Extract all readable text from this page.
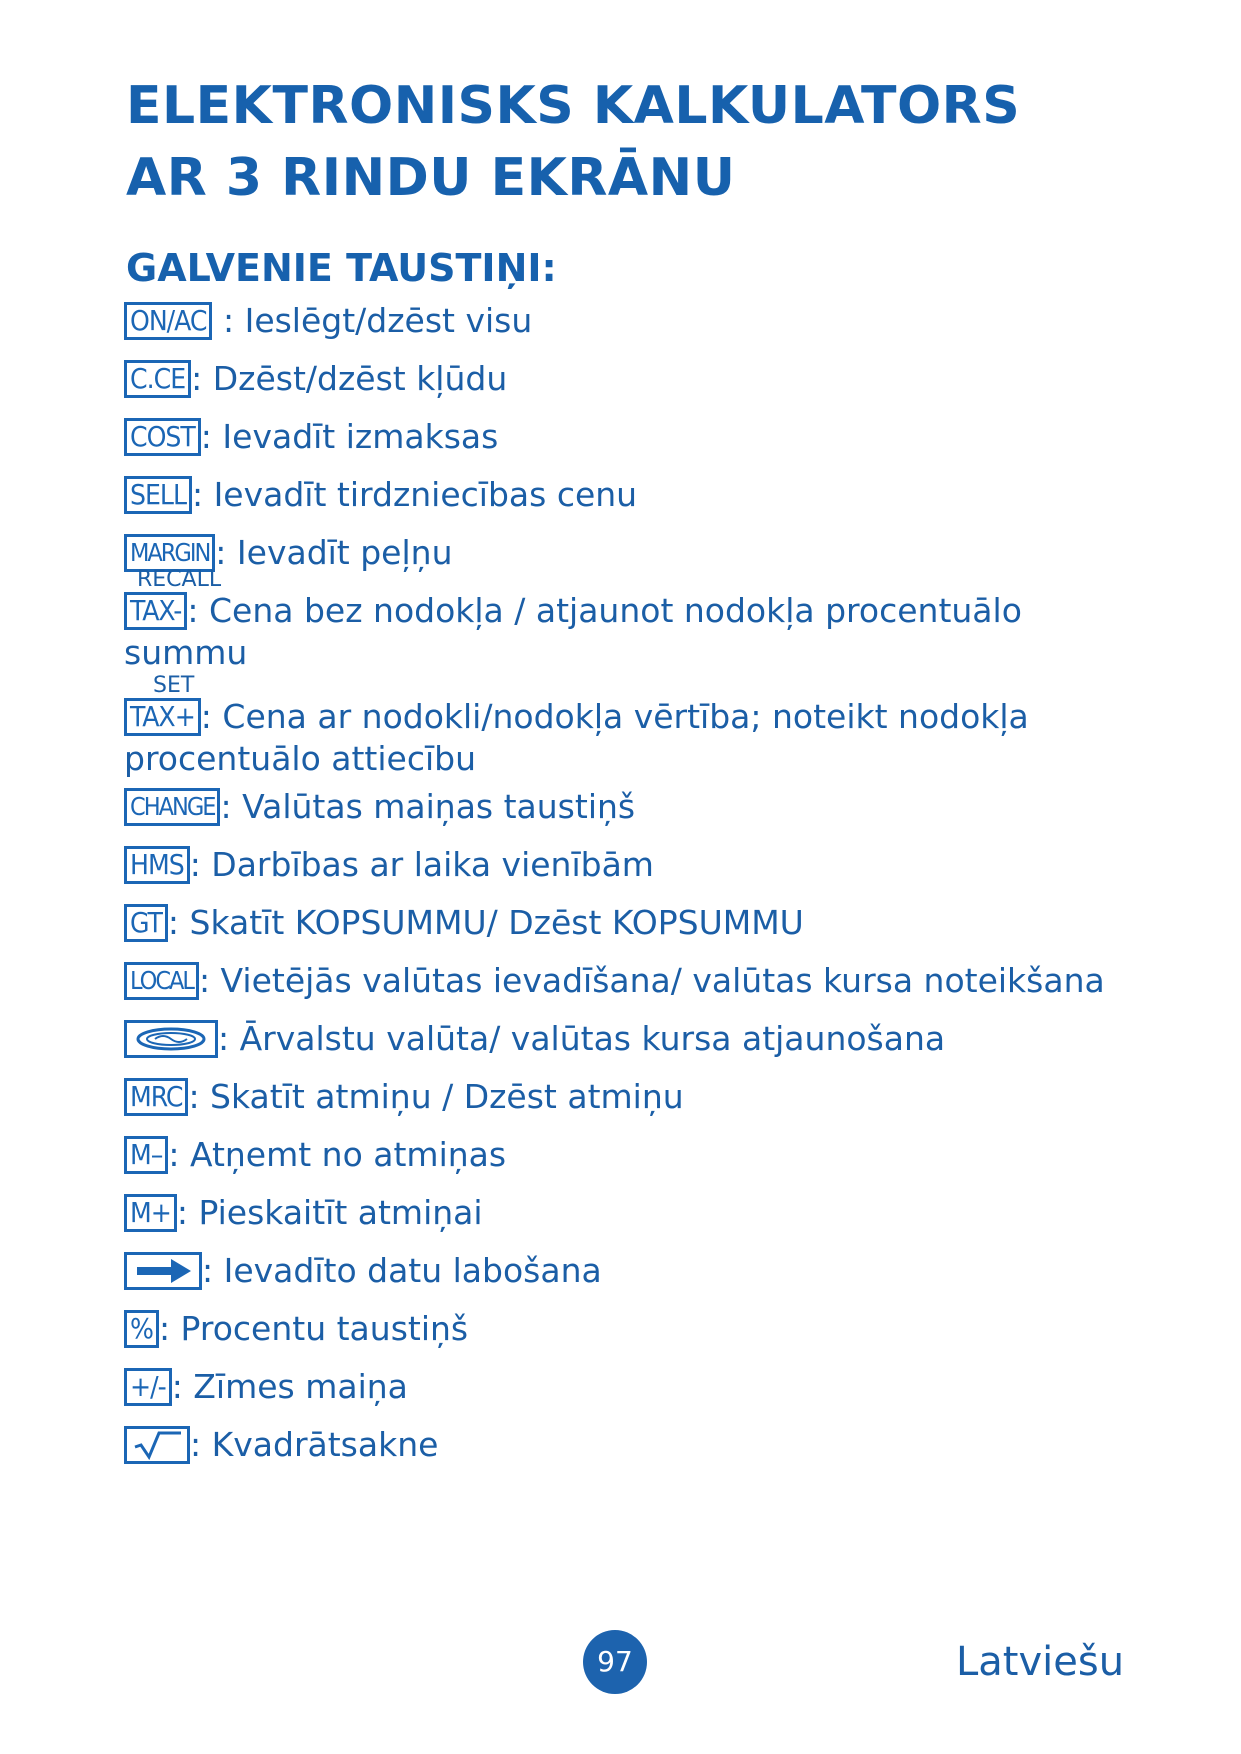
ELEKTRONISKS KALKULATORS
AR 3 RINDU EKRĀNU
GALVENIE TAUSTIŅI:
ON/AC : Ieslēgt/dzēst visu
C.CE : Dzēst/dzēst kļūdu
COST : Ievadīt izmaksas
SELL : Ievadīt tirdzniecības cenu
MARGIN : Ievadīt peļņu
RECALL
TAX- : Cena bez nodokļa / atjaunot nodokļa procentuālo summu
SET
TAX+ : Cena ar nodokli/nodokļa vērtība; noteikt nodokļa procentuālo attiecību
CHANGE : Valūtas maiņas taustiņš
HMS : Darbības ar laika vienībām
GT : Skatīt KOPSUMMU/ Dzēst KOPSUMMU
LOCAL : Vietējās valūtas ievadīšana/ valūtas kursa noteikšana
: Ārvalstu valūta/ valūtas kursa atjaunošana
MRC : Skatīt atmiņu / Dzēst atmiņu
M– : Atņemt no atmiņas
M+ : Pieskaitīt atmiņai
: Ievadīto datu labošana
% : Procentu taustiņš
+/- : Zīmes maiņa
: Kvadrātsakne
97	Latviešu
